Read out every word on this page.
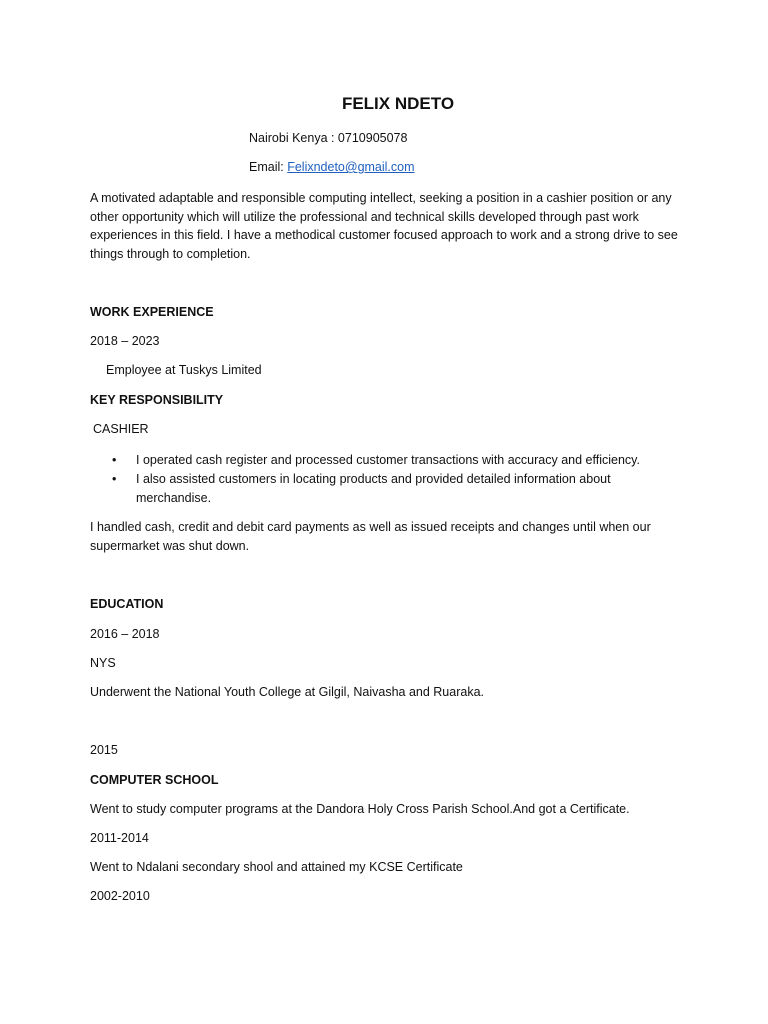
FELIX NDETO
Nairobi Kenya : 0710905078
Email: Felixndeto@gmail.com
A motivated adaptable and responsible computing intellect, seeking a position in a cashier position or any other opportunity which will utilize the professional and technical skills developed through past work experiences in this field. I have a methodical customer focused approach to work and a strong drive to see things through to completion.
WORK EXPERIENCE
2018 – 2023
Employee at Tuskys Limited
KEY RESPONSIBILITY
CASHIER
• I operated cash register and processed customer transactions with accuracy and efficiency.
• I also assisted customers in locating products and provided detailed information about merchandise.
I handled cash, credit and debit card payments as well as issued receipts and changes until when our supermarket was shut down.
EDUCATION
2016 – 2018
NYS
Underwent the National Youth College at Gilgil, Naivasha and Ruaraka.
2015
COMPUTER SCHOOL
Went to study computer programs at the Dandora Holy Cross Parish School.And got a Certificate.
2011-2014
Went to Ndalani secondary shool and attained my KCSE Certificate
2002-2010
